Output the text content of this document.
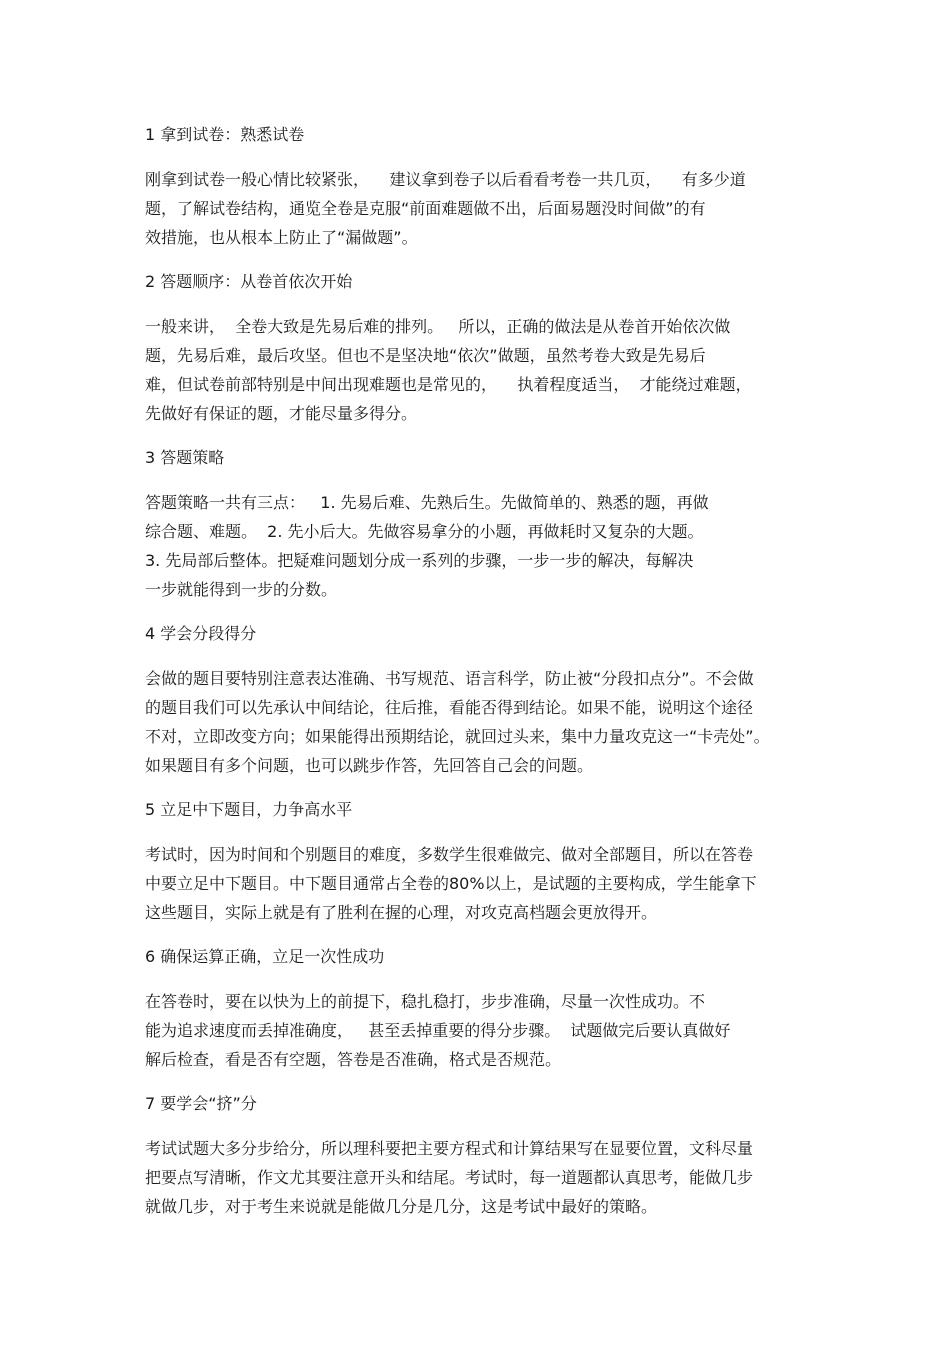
1 拿到试卷：熟悉试卷
刚拿到试卷一般心情比较紧张，    建议拿到卷子以后看看考卷一共几页，    有多少道
题，了解试卷结构，通览全卷是克服“前面难题做不出，后面易题没时间做”的有
效措施，也从根本上防止了“漏做题”。
2 答题顺序：从卷首依次开始
一般来讲，  全卷大致是先易后难的排列。   所以，正确的做法是从卷首开始依次做
题，先易后难，最后攻坚。但也不是坚决地“依次”做题，虽然考卷大致是先易后
难，但试卷前部特别是中间出现难题也是常见的，    执着程度适当，  才能绕过难题，
先做好有保证的题，才能尽量多得分。
3 答题策略
答题策略一共有三点：   1. 先易后难、先熟后生。先做简单的、熟悉的题，再做
综合题、难题。  2. 先小后大。先做容易拿分的小题，再做耗时又复杂的大题。
3. 先局部后整体。把疑难问题划分成一系列的步骤，一步一步的解决，每解决
一步就能得到一步的分数。
4 学会分段得分
会做的题目要特别注意表达准确、书写规范、语言科学，防止被“分段扣点分”。不会做
的题目我们可以先承认中间结论，往后推，看能否得到结论。如果不能，说明这个途径
不对，立即改变方向；如果能得出预期结论，就回过头来，集中力量攻克这一“卡壳处”。
如果题目有多个问题，也可以跳步作答，先回答自己会的问题。
5 立足中下题目，力争高水平
考试时，因为时间和个别题目的难度，多数学生很难做完、做对全部题目，所以在答卷
中要立足中下题目。中下题目通常占全卷的80%以上，是试题的主要构成，学生能拿下
这些题目，实际上就是有了胜利在握的心理，对攻克高档题会更放得开。
6 确保运算正确，立足一次性成功
在答卷时，要在以快为上的前提下，稳扎稳打，步步准确，尽量一次性成功。不
能为追求速度而丢掉准确度，   甚至丢掉重要的得分步骤。  试题做完后要认真做好
解后检查，看是否有空题，答卷是否准确，格式是否规范。
7 要学会“挤”分
考试试题大多分步给分，所以理科要把主要方程式和计算结果写在显要位置，文科尽量
把要点写清晰，作文尤其要注意开头和结尾。考试时，每一道题都认真思考，能做几步
就做几步，对于考生来说就是能做几分是几分，这是考试中最好的策略。
